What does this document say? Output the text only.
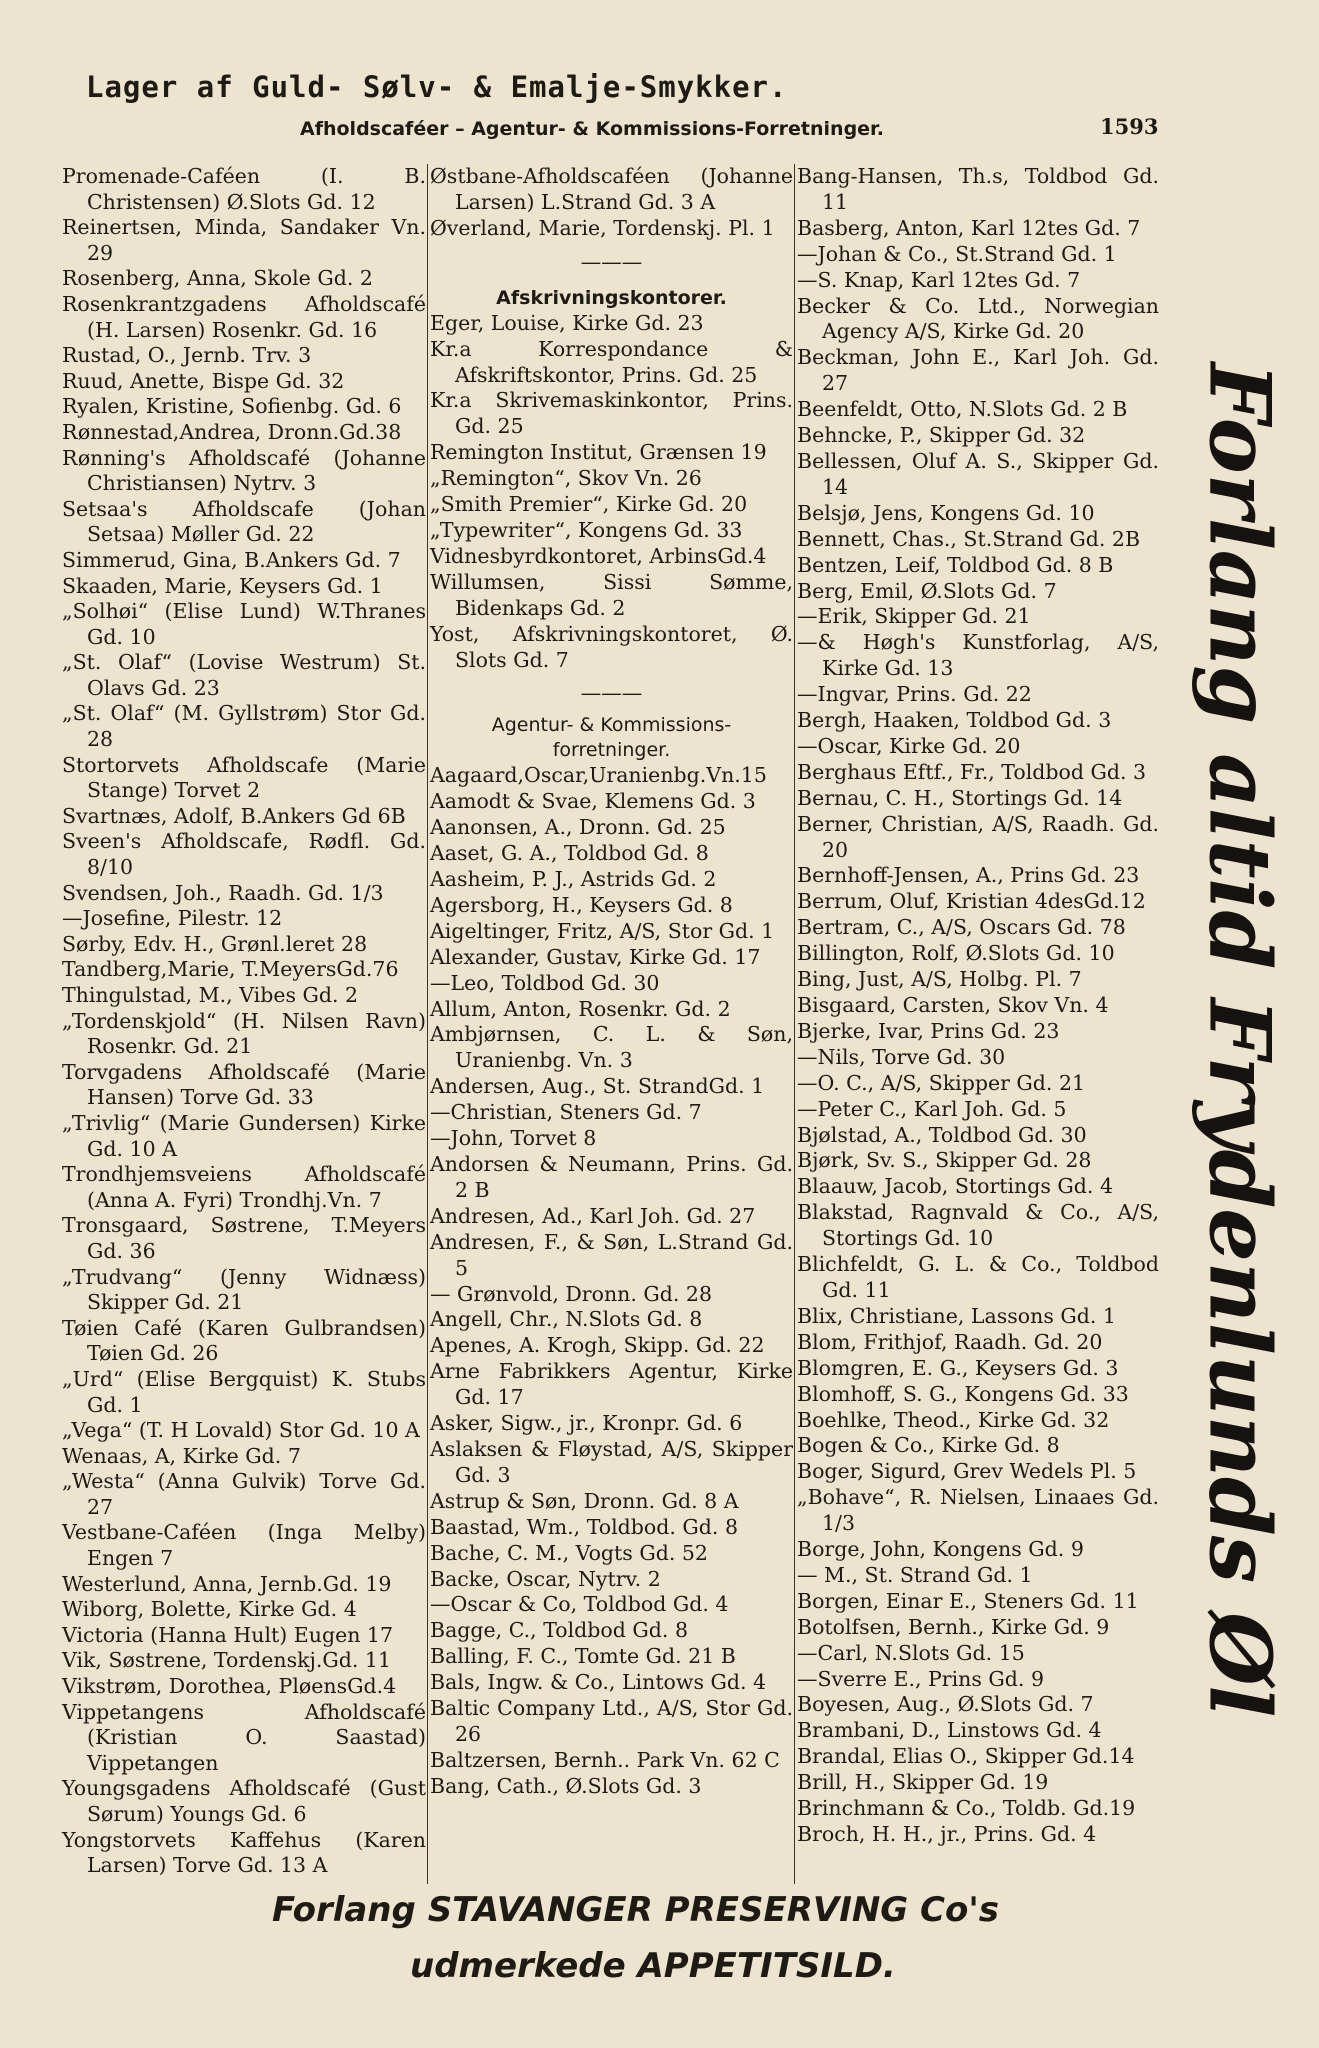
Lager af Guld- Sølv- & Emalje-Smykker.
Afholdscaféer – Agentur- & Kommissions-Forretninger.	1593
Promenade-Caféen (I. B. Christensen) Ø.Slots Gd. 12
Reinertsen, Minda, Sandaker Vn. 29
Rosenberg, Anna, Skole Gd. 2
Rosenkrantzgadens Afholdscafé (H. Larsen) Rosenkr. Gd. 16
Rustad, O., Jernb. Trv. 3
Ruud, Anette, Bispe Gd. 32
Ryalen, Kristine, Sofienbg. Gd. 6
Rønnestad,Andrea, Dronn.Gd.38
Rønning's Afholdscafé (Johanne Christiansen) Nytrv. 3
Setsaa's Afholdscafe (Johan Setsaa) Møller Gd. 22
Simmerud, Gina, B.Ankers Gd. 7
Skaaden, Marie, Keysers Gd. 1
„Solhøi“ (Elise Lund) W.Thranes Gd. 10
„St. Olaf“ (Lovise Westrum) St. Olavs Gd. 23
„St. Olaf“ (M. Gyllstrøm) Stor Gd. 28
Stortorvets Afholdscafe (Marie Stange) Torvet 2
Svartnæs, Adolf, B.Ankers Gd 6B
Sveen's Afholdscafe, Rødfl. Gd. 8/10
Svendsen, Joh., Raadh. Gd. 1/3
—Josefine, Pilestr. 12
Sørby, Edv. H., Grønl.leret 28
Tandberg,Marie, T.MeyersGd.76
Thingulstad, M., Vibes Gd. 2
„Tordenskjold“ (H. Nilsen Ravn) Rosenkr. Gd. 21
Torvgadens Afholdscafé (Marie Hansen) Torve Gd. 33
„Trivlig“ (Marie Gundersen) Kirke Gd. 10 A
Trondhjemsveiens Afholdscafé (Anna A. Fyri) Trondhj.Vn. 7
Tronsgaard, Søstrene, T.Meyers Gd. 36
„Trudvang“ (Jenny Widnæss) Skipper Gd. 21
Tøien Café (Karen Gulbrandsen) Tøien Gd. 26
„Urd“ (Elise Bergquist) K. Stubs Gd. 1
„Vega“ (T. H Lovald) Stor Gd. 10 A
Wenaas, A, Kirke Gd. 7
„Westa“ (Anna Gulvik) Torve Gd. 27
Vestbane-Caféen (Inga Melby) Engen 7
Westerlund, Anna, Jernb.Gd. 19
Wiborg, Bolette, Kirke Gd. 4
Victoria (Hanna Hult) Eugen 17
Vik, Søstrene, Tordenskj.Gd. 11
Vikstrøm, Dorothea, PløensGd.4
Vippetangens Afholdscafé (Kristian O. Saastad) Vippetangen
Youngsgadens Afholdscafé (Gust Sørum) Youngs Gd. 6
Yongstorvets Kaffehus (Karen Larsen) Torve Gd. 13 A
Østbane-Afholdscaféen (Johanne Larsen) L.Strand Gd. 3 A
Øverland, Marie, Tordenskj. Pl. 1
———
Afskrivningskontorer.
Eger, Louise, Kirke Gd. 23
Kr.a Korrespondance & Afskriftskontor, Prins. Gd. 25
Kr.a Skrivemaskinkontor, Prins. Gd. 25
Remington Institut, Grænsen 19
„Remington“, Skov Vn. 26
„Smith Premier“, Kirke Gd. 20
„Typewriter“, Kongens Gd. 33
Vidnesbyrdkontoret, ArbinsGd.4
Willumsen, Sissi Sømme, Bidenkaps Gd. 2
Yost, Afskrivningskontoret, Ø. Slots Gd. 7
———
Agentur- & Kommissions-
forretninger.
Aagaard,Oscar,Uranienbg.Vn.15
Aamodt & Svae, Klemens Gd. 3
Aanonsen, A., Dronn. Gd. 25
Aaset, G. A., Toldbod Gd. 8
Aasheim, P. J., Astrids Gd. 2
Agersborg, H., Keysers Gd. 8
Aigeltinger, Fritz, A/S, Stor Gd. 1
Alexander, Gustav, Kirke Gd. 17
—Leo, Toldbod Gd. 30
Allum, Anton, Rosenkr. Gd. 2
Ambjørnsen, C. L. & Søn, Uranienbg. Vn. 3
Andersen, Aug., St. StrandGd. 1
—Christian, Steners Gd. 7
—John, Torvet 8
Andorsen & Neumann, Prins. Gd. 2 B
Andresen, Ad., Karl Joh. Gd. 27
Andresen, F., & Søn, L.Strand Gd. 5
— Grønvold, Dronn. Gd. 28
Angell, Chr., N.Slots Gd. 8
Apenes, A. Krogh, Skipp. Gd. 22
Arne Fabrikkers Agentur, Kirke Gd. 17
Asker, Sigw., jr., Kronpr. Gd. 6
Aslaksen & Fløystad, A/S, Skipper Gd. 3
Astrup & Søn, Dronn. Gd. 8 A
Baastad, Wm., Toldbod. Gd. 8
Bache, C. M., Vogts Gd. 52
Backe, Oscar, Nytrv. 2
—Oscar & Co, Toldbod Gd. 4
Bagge, C., Toldbod Gd. 8
Balling, F. C., Tomte Gd. 21 B
Bals, Ingw. & Co., Lintows Gd. 4
Baltic Company Ltd., A/S, Stor Gd. 26
Baltzersen, Bernh.. Park Vn. 62 C
Bang, Cath., Ø.Slots Gd. 3
Bang-Hansen, Th.s, Toldbod Gd. 11
Basberg, Anton, Karl 12tes Gd. 7
—Johan & Co., St.Strand Gd. 1
—S. Knap, Karl 12tes Gd. 7
Becker & Co. Ltd., Norwegian Agency A/S, Kirke Gd. 20
Beckman, John E., Karl Joh. Gd. 27
Beenfeldt, Otto, N.Slots Gd. 2 B
Behncke, P., Skipper Gd. 32
Bellessen, Oluf A. S., Skipper Gd. 14
Belsjø, Jens, Kongens Gd. 10
Bennett, Chas., St.Strand Gd. 2B
Bentzen, Leif, Toldbod Gd. 8 B
Berg, Emil, Ø.Slots Gd. 7
—Erik, Skipper Gd. 21
—& Høgh's Kunstforlag, A/S, Kirke Gd. 13
—Ingvar, Prins. Gd. 22
Bergh, Haaken, Toldbod Gd. 3
—Oscar, Kirke Gd. 20
Berghaus Eftf., Fr., Toldbod Gd. 3
Bernau, C. H., Stortings Gd. 14
Berner, Christian, A/S, Raadh. Gd. 20
Bernhoff-Jensen, A., Prins Gd. 23
Berrum, Oluf, Kristian 4desGd.12
Bertram, C., A/S, Oscars Gd. 78
Billington, Rolf, Ø.Slots Gd. 10
Bing, Just, A/S, Holbg. Pl. 7
Bisgaard, Carsten, Skov Vn. 4
Bjerke, Ivar, Prins Gd. 23
—Nils, Torve Gd. 30
—O. C., A/S, Skipper Gd. 21
—Peter C., Karl Joh. Gd. 5
Bjølstad, A., Toldbod Gd. 30
Bjørk, Sv. S., Skipper Gd. 28
Blaauw, Jacob, Stortings Gd. 4
Blakstad, Ragnvald & Co., A/S, Stortings Gd. 10
Blichfeldt, G. L. & Co., Toldbod Gd. 11
Blix, Christiane, Lassons Gd. 1
Blom, Frithjof, Raadh. Gd. 20
Blomgren, E. G., Keysers Gd. 3
Blomhoff, S. G., Kongens Gd. 33
Boehlke, Theod., Kirke Gd. 32
Bogen & Co., Kirke Gd. 8
Boger, Sigurd, Grev Wedels Pl. 5
„Bohave“, R. Nielsen, Linaaes Gd. 1/3
Borge, John, Kongens Gd. 9
— M., St. Strand Gd. 1
Borgen, Einar E., Steners Gd. 11
Botolfsen, Bernh., Kirke Gd. 9
—Carl, N.Slots Gd. 15
—Sverre E., Prins Gd. 9
Boyesen, Aug., Ø.Slots Gd. 7
Brambani, D., Linstows Gd. 4
Brandal, Elias O., Skipper Gd.14
Brill, H., Skipper Gd. 19
Brinchmann & Co., Toldb. Gd.19
Broch, H. H., jr., Prins. Gd. 4
Forlang altid Frydenlunds Øl
Forlang STAVANGER PRESERVING Co's
udmerkede APPETITSILD.
